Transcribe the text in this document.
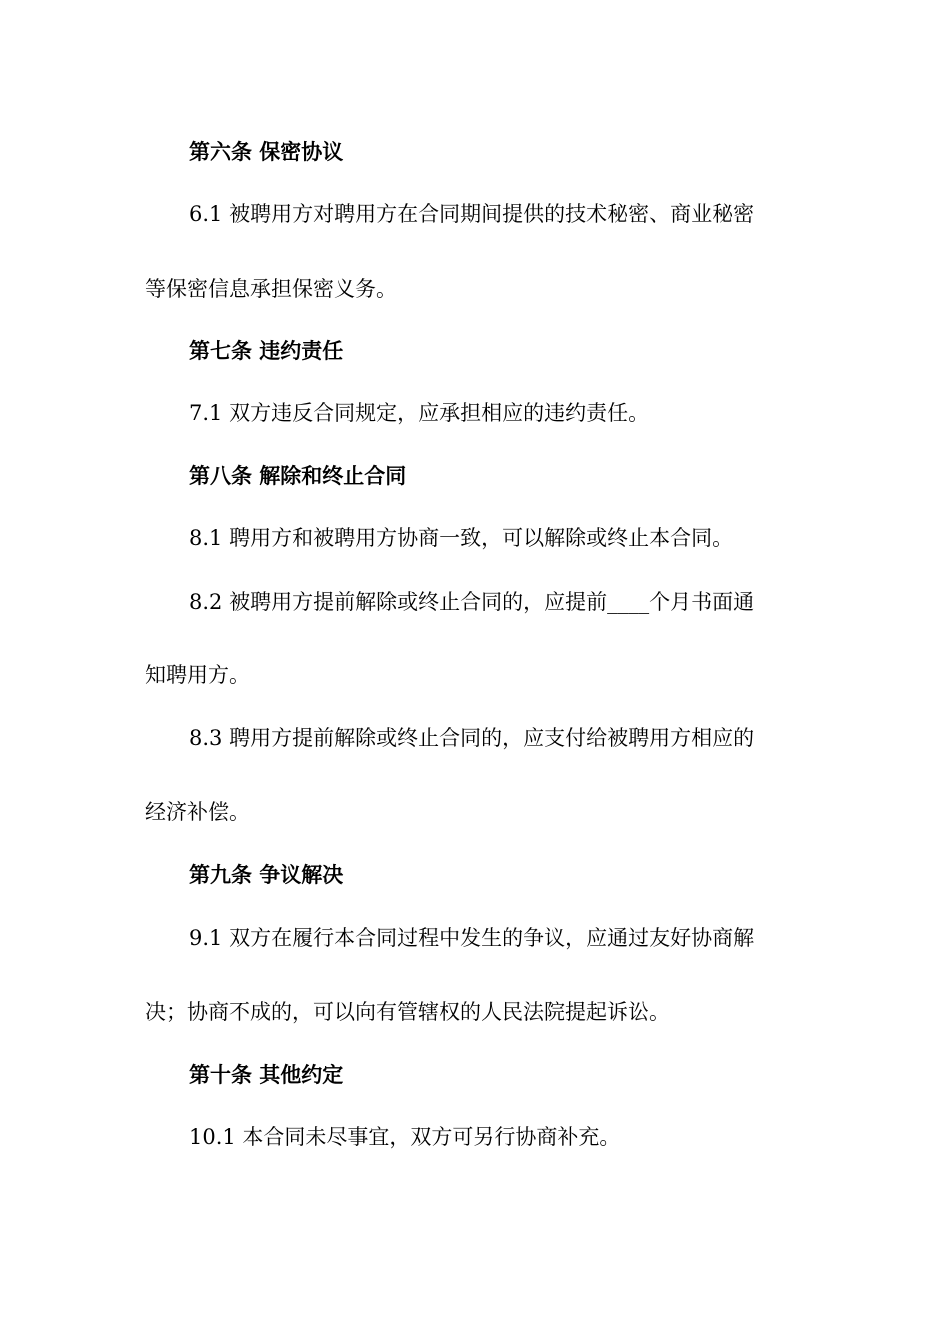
第六条 保密协议
6.1 被聘用方对聘用方在合同期间提供的技术秘密、商业秘密
等保密信息承担保密义务。
第七条 违约责任
7.1 双方违反合同规定，应承担相应的违约责任。
第八条 解除和终止合同
8.1 聘用方和被聘用方协商一致，可以解除或终止本合同。
8.2 被聘用方提前解除或终止合同的，应提前____个月书面通
知聘用方。
8.3 聘用方提前解除或终止合同的，应支付给被聘用方相应的
经济补偿。
第九条 争议解决
9.1 双方在履行本合同过程中发生的争议，应通过友好协商解
决；协商不成的，可以向有管辖权的人民法院提起诉讼。
第十条 其他约定
10.1 本合同未尽事宜，双方可另行协商补充。
